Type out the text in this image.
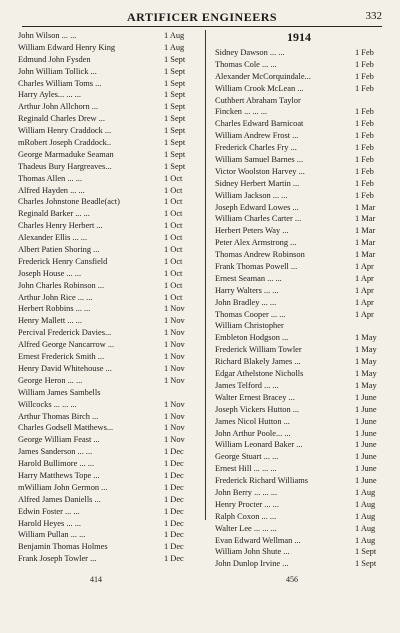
ARTIFICER ENGINEERS	332
John Wilson ... ...	1 Aug
William Edward Henry King	1 Aug
Edmund John Fysden	1 Sept
John William Tollick ...	1 Sept
Charles William Toms ...	1 Sept
Harry Ayles... ... ...	1 Sept
Arthur John Allchorn ...	1 Sept
Reginald Charles Drew ...	1 Sept
William Henry Craddock ...	1 Sept
mRobert Joseph Craddock..	1 Sept
George Marmaduke Seaman	1 Sept
Thadeus Bury Hargreaves...	1 Sept
Thomas Allen ... ...	1 Oct
Alfred Hayden ... ...	1 Oct
Charles Johnstone Beadle(act)	1 Oct
Reginald Barker ... ...	1 Oct
Charles Henry Herbert ...	1 Oct
Alexander Ellis ... ...	1 Oct
Albert Patien Shoring ...	1 Oct
Frederick Henry Cansfield	1 Oct
Joseph House ... ...	1 Oct
John Charles Robinson ...	1 Oct
Arthur John Rice ... ...	1 Oct
Herbert Robbins ... ...	1 Nov
Henry Mallett ... ...	1 Nov
Percival Frederick Davies...	1 Nov
Alfred George Nancarrow ...	1 Nov
Ernest Frederick Smith ...	1 Nov
Henry David Whitehouse ...	1 Nov
George Heron ... ...	1 Nov
William James Sambells
Willcocks ... ... ...	1 Nov
Arthur Thomas Birch ...	1 Nov
Charles Godsell Matthews...	1 Nov
George William Feast ...	1 Nov
James Sanderson ... ...	1 Dec
Harold Bullimore ... ...	1 Dec
Harry Matthews Tope ...	1 Dec
mWilliam John Germon ...	1 Dec
Alfred James Daniells ...	1 Dec
Edwin Foster ... ...	1 Dec
Harold Heyes ... ...	1 Dec
William Pullan ... ...	1 Dec
Benjamin Thomas Holmes	1 Dec
Frank Joseph Towler ...	1 Dec
1914
Sidney Dawson ... ...	1 Feb
Thomas Cole ... ...	1 Feb
Alexander McCorquindale...	1 Feb
William Crook McLean ...	1 Feb
Cuthbert Abraham Taylor
Fincken ... ... ...	1 Feb
Charles Edward Barnicoat	1 Feb
William Andrew Frost ...	1 Feb
Frederick Charles Fry ...	1 Feb
William Samuel Barnes ...	1 Feb
Victor Woolston Harvey ...	1 Feb
Sidney Herbert Martin ...	1 Feb
William Jackson ... ...	1 Feb
Joseph Edward Lowes ...	1 Mar
William Charles Carter ...	1 Mar
Herbert Peters Way ...	1 Mar
Peter Alex Armstrong ...	1 Mar
Thomas Andrew Robinson	1 Mar
Frank Thomas Powell ...	1 Apr
Ernest Seaman ... ...	1 Apr
Harry Walters ... ...	1 Apr
John Bradley ... ...	1 Apr
Thomas Cooper ... ...	1 Apr
William Christopher
Embleton Hodgson ...	1 May
Frederick William Towler	1 May
Richard Blakely James ...	1 May
Edgar Athelstone Nicholls	1 May
James Telford ... ...	1 May
Walter Ernest Bracey ...	1 June
Joseph Vickers Hutton ...	1 June
James Nicol Hutton ...	1 June
John Arthur Poole... ...	1 June
William Leonard Baker ...	1 June
George Stuart ... ...	1 June
Ernest Hill ... ... ...	1 June
Frederick Richard Williams	1 June
John Berry ... ... ...	1 Aug
Henry Procter ... ...	1 Aug
Ralph Coxon ... ...	1 Aug
Walter Lee ... ... ...	1 Aug
Evan Edward Wellman ...	1 Aug
William John Shute ...	1 Sept
John Dunlop Irvine ...	1 Sept
414	456
